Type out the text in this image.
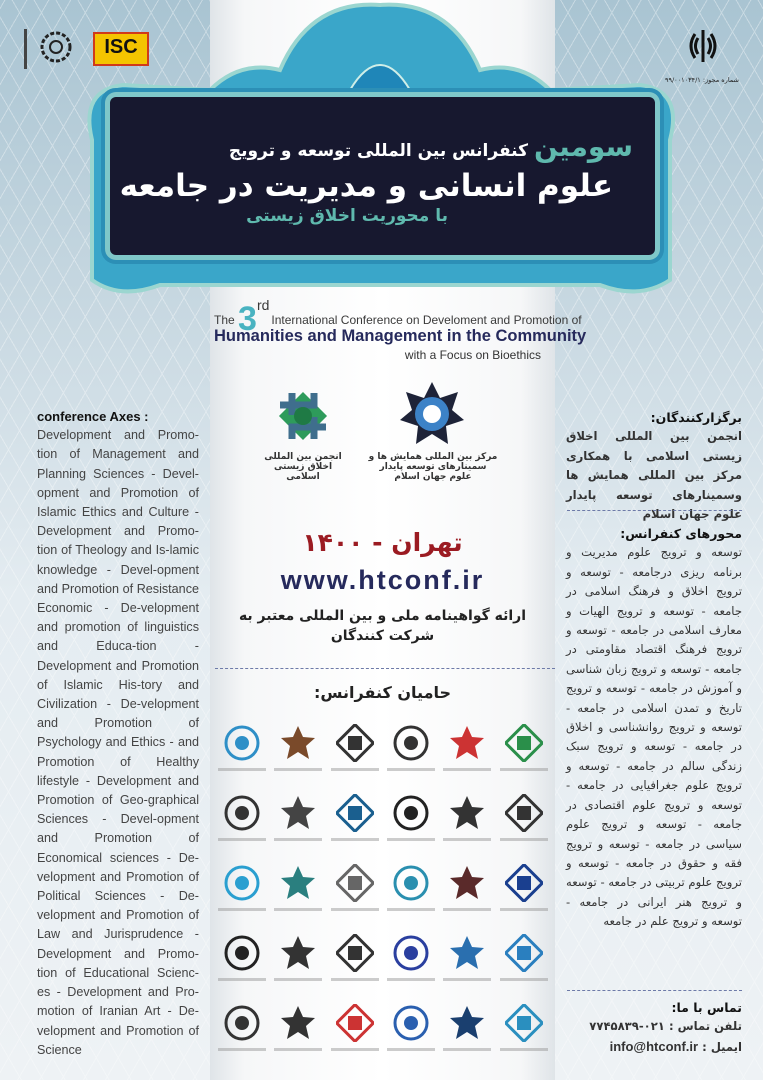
سومین کنفرانس بین المللی توسعه و ترویج
علوم انسانی و مدیریت در جامعه
با محوریت اخلاق زیستی
ISC
شماره مجوز: ۹۹/۰۰۱۰۳۴/۱
The 3rdInternational Conference on Develoment and Promotion of
Humanities and Management in the Community
with a Focus on Bioethics
انجمن بین المللی اخلاق زیستی اسلامی
مرکز بین المللی همایش ها و سمینارهای توسعه پایدار علوم جهان اسلام
تهران - ۱۴۰۰
www.htconf.ir
ارائه گواهینامه ملی و بین المللی معتبر به شرکت کنندگان
حامیان کنفرانس:
conference Axes :
Development and Promo-tion of Management and Planning Sciences - Devel-opment and Promotion of Islamic Ethics and Culture - Development and Promo-tion of Theology and Is-lamic knowledge - Devel-opment and Promotion of Resistance Economic - De-velopment and promotion of linguistics and Educa-tion - Development and Promotion of Islamic His-tory and Civilization - De-velopment and Promotion of Psychology and Ethics - and Promotion of Healthy lifestyle - Development and Promotion of Geo-graphical Sciences - Devel-opment and Promotion of Economical sciences - De-velopment and Promotion of Political Sciences - De-velopment and Promotion of Law and Jurisprudence - Development and Promo-tion of Educational Scienc-es - Development and Pro-motion of Iranian Art - De-velopment and Promotion of Science
برگزارکنندگان:
انجمن بین المللی اخلاق زیستی اسلامی با همکاری مرکز بین المللی همایش ها وسمینارهای توسعه پایدار علوم جهان اسلام
محورهای کنفرانس:
توسعه و ترویج علوم مدیریت و برنامه ریزی درجامعه - توسعه و ترویج اخلاق و فرهنگ اسلامی در جامعه - توسعه و ترویج الهیات و معارف اسلامی در جامعه - توسعه و ترویج فرهنگ اقتصاد مقاومتی در جامعه - توسعه و ترویج زبان شناسی و آموزش در جامعه - توسعه و ترویج تاریخ و تمدن اسلامی در جامعه - توسعه و ترویج روانشناسی و اخلاق در جامعه - توسعه و ترویج سبک زندگی سالم در جامعه - توسعه و ترویج علوم جغرافیایی در جامعه - توسعه و ترویج علوم اقتصادی در جامعه - توسعه و ترویج علوم سیاسی در جامعه - توسعه و ترویج فقه و حقوق در جامعه - توسعه و ترویج علوم تربیتی در جامعه - توسعه و ترویج هنر ایرانی در جامعه - توسعه و ترویج علم در جامعه
تماس با ما:
تلفن تماس : ۰۲۱-۷۷۴۵۸۳۹
ایمیل : info@htconf.ir
